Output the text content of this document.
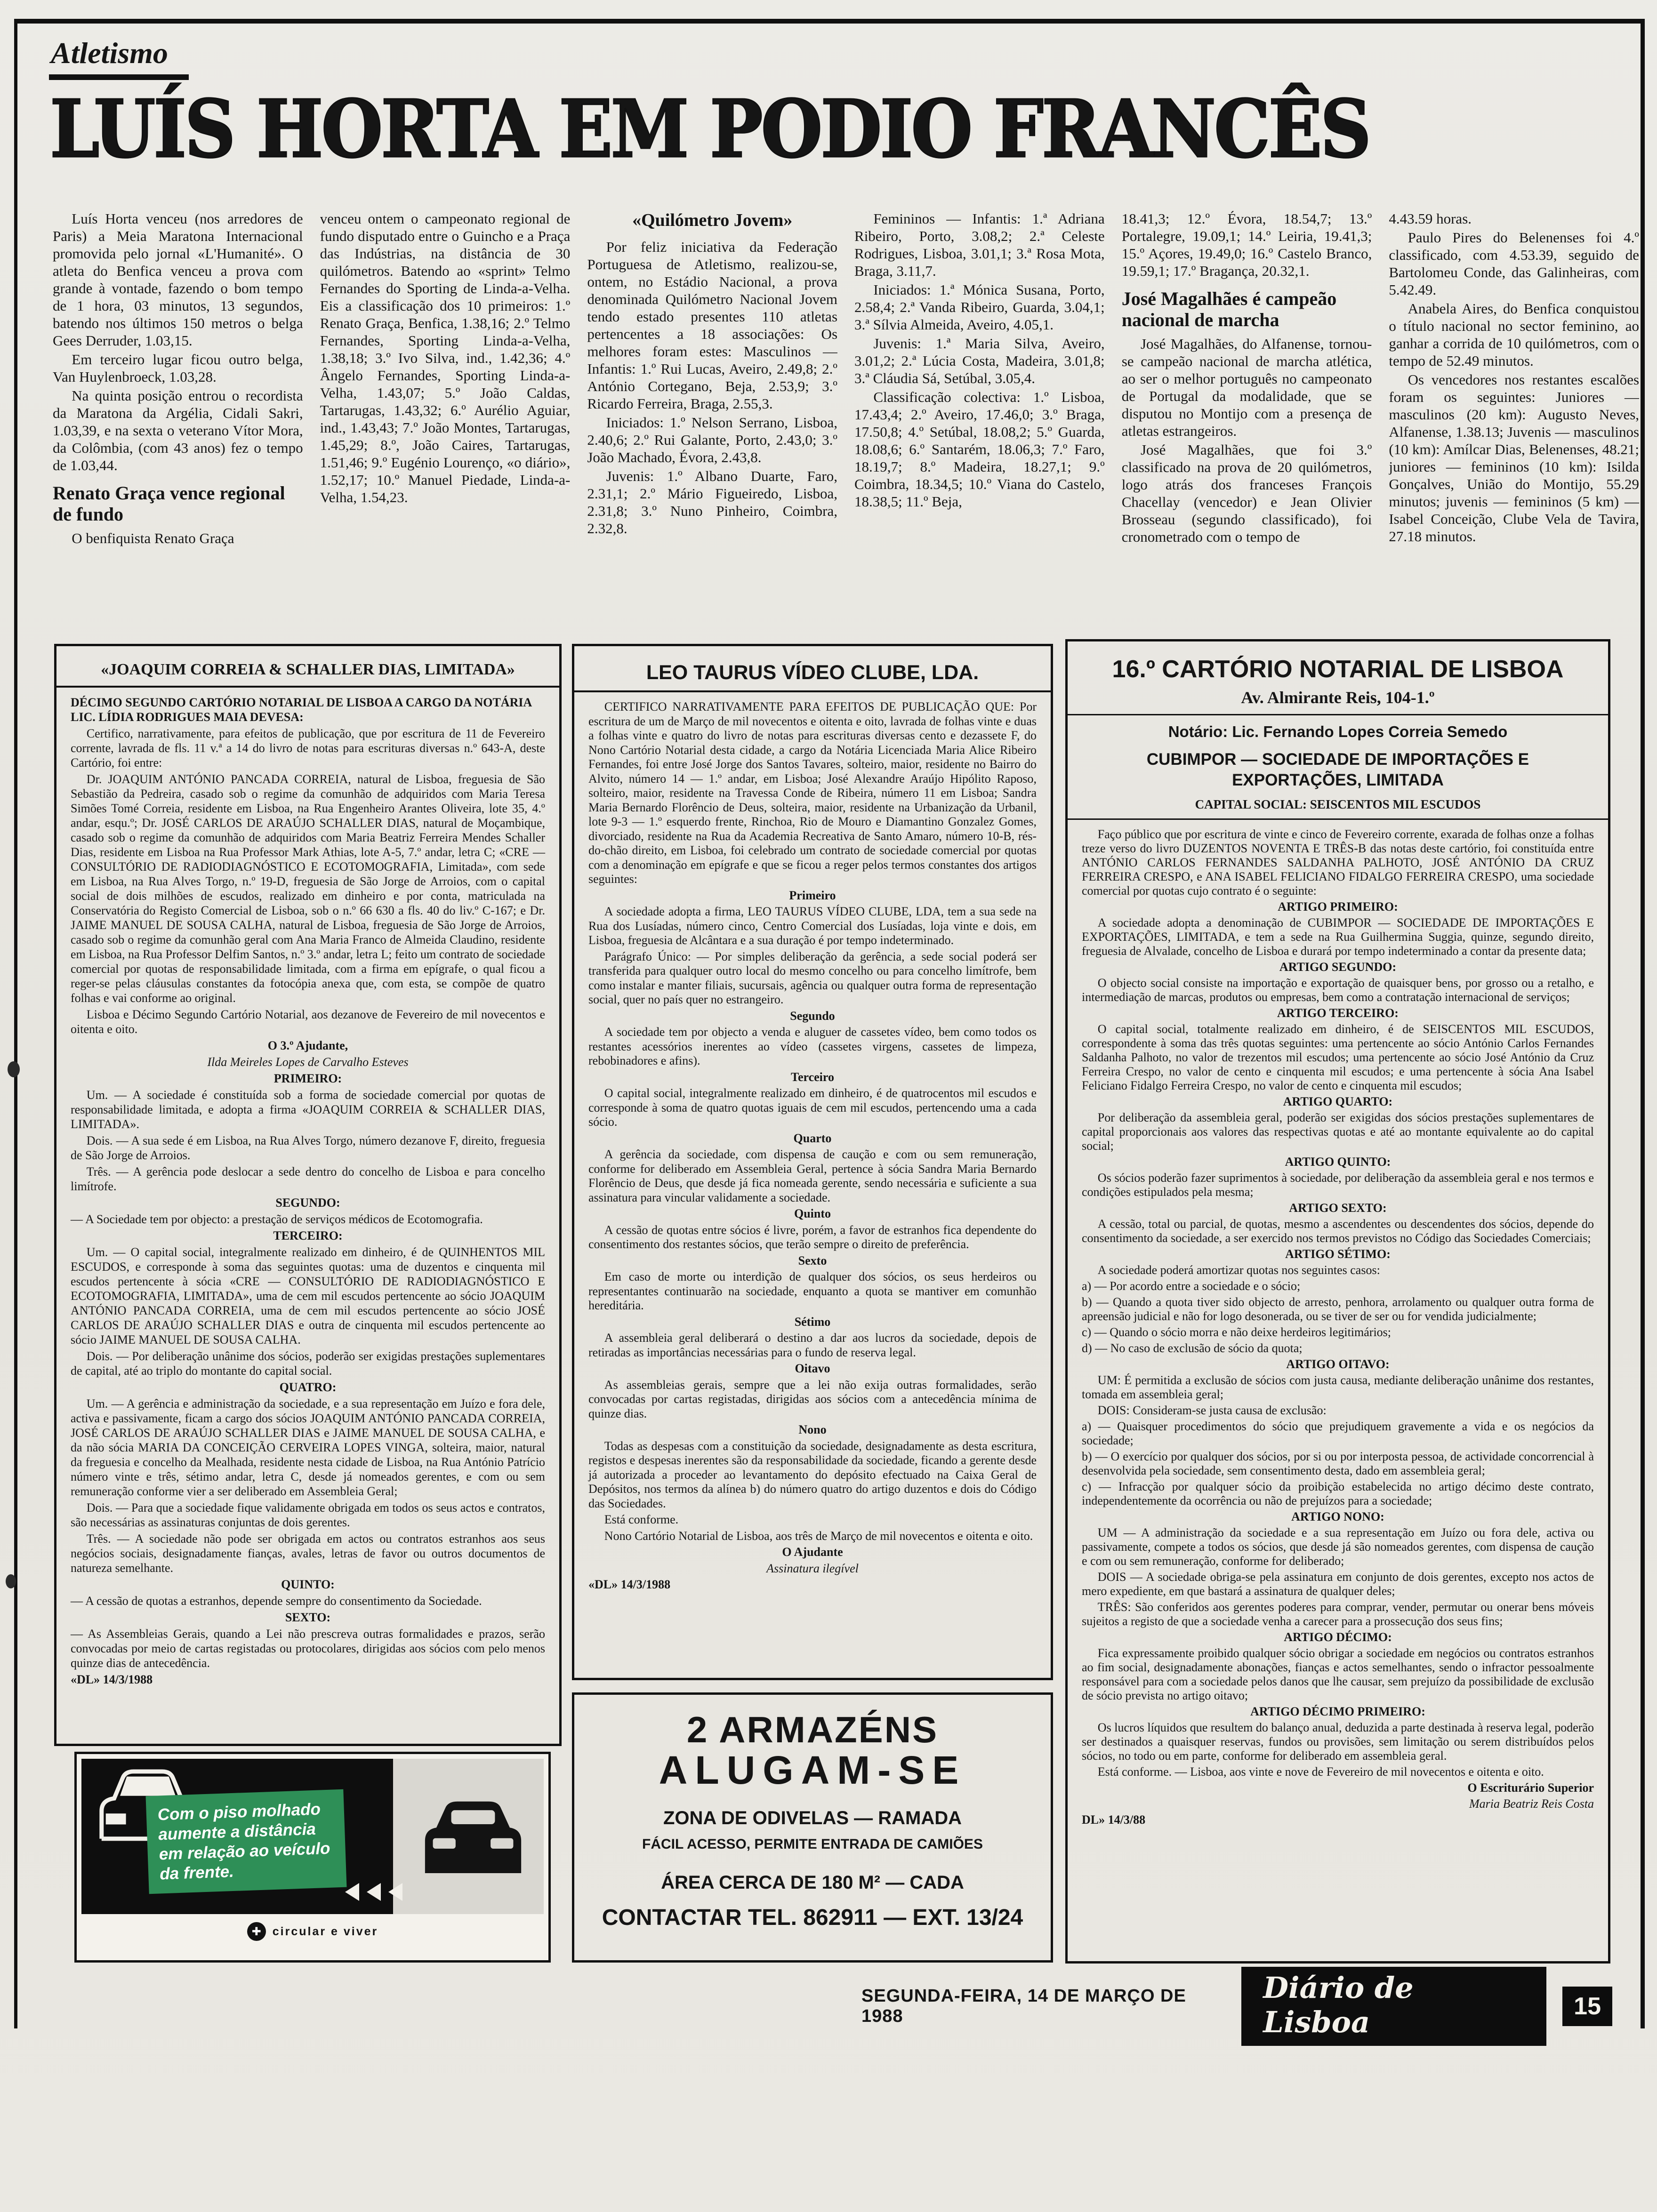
Atletismo
LUÍS HORTA EM PODIO FRANCÊS

Luís Horta venceu (nos arredores de Paris) a Meia Maratona Internacional promovida pelo jornal «L'Humanité». O atleta do Benfica venceu a prova com grande à vontade, fazendo o bom tempo de 1 hora, 03 minutos, 13 segundos, batendo nos últimos 150 metros o belga Gees Derruder, 1.03,15.

Em terceiro lugar ficou outro belga, Van Huylenbroeck, 1.03,28.

Na quinta posição entrou o recordista da Maratona da Argélia, Cidali Sakri, 1.03,39, e na sexta o veterano Vítor Mora, da Colômbia, (com 43 anos) fez o tempo de 1.03,44.

Renato Graça vence regional de fundo

O benfiquista Renato Graça

venceu ontem o campeonato regional de fundo disputado entre o Guincho e a Praça das Indústrias, na distância de 30 quilómetros. Batendo ao «sprint» Telmo Fernandes do Sporting de Linda-a-Velha. Eis a classificação dos 10 primeiros: 1.º Renato Graça, Benfica, 1.38,16; 2.º Telmo Fernandes, Sporting Linda-a-Velha, 1.38,18; 3.º Ivo Silva, ind., 1.42,36; 4.º Ângelo Fernandes, Sporting Linda-a-Velha, 1.43,07; 5.º João Caldas, Tartarugas, 1.43,32; 6.º Aurélio Aguiar, ind., 1.43,43; 7.º João Montes, Tartarugas, 1.45,29; 8.º, João Caires, Tartarugas, 1.51,46; 9.º Eugénio Lourenço, «o diário», 1.52,17; 10.º Manuel Piedade, Linda-a-Velha, 1.54,23.

«Quilómetro Jovem»

Por feliz iniciativa da Federação Portuguesa de Atletismo, realizou-se, ontem, no Estádio Nacional, a prova denominada Quilómetro Nacional Jovem tendo estado presentes 110 atletas pertencentes a 18 associações: Os melhores foram estes: Masculinos — Infantis: 1.º Rui Lucas, Aveiro, 2.49,8; 2.º António Cortegano, Beja, 2.53,9; 3.º Ricardo Ferreira, Braga, 2.55,3.

Iniciados: 1.º Nelson Serrano, Lisboa, 2.40,6; 2.º Rui Galante, Porto, 2.43,0; 3.º João Machado, Évora, 2.43,8.

Juvenis: 1.º Albano Duarte, Faro, 2.31,1; 2.º Mário Figueiredo, Lisboa, 2.31,8; 3.º Nuno Pinheiro, Coimbra, 2.32,8.

Femininos — Infantis: 1.ª Adriana Ribeiro, Porto, 3.08,2; 2.ª Celeste Rodrigues, Lisboa, 3.01,1; 3.ª Rosa Mota, Braga, 3.11,7.

Iniciados: 1.ª Mónica Susana, Porto, 2.58,4; 2.ª Vanda Ribeiro, Guarda, 3.04,1; 3.ª Sílvia Almeida, Aveiro, 4.05,1.

Juvenis: 1.ª Maria Silva, Aveiro, 3.01,2; 2.ª Lúcia Costa, Madeira, 3.01,8; 3.ª Cláudia Sá, Setúbal, 3.05,4.

Classificação colectiva: 1.º Lisboa, 17.43,4; 2.º Aveiro, 17.46,0; 3.º Braga, 17.50,8; 4.º Setúbal, 18.08,2; 5.º Guarda, 18.08,6; 6.º Santarém, 18.06,3; 7.º Faro, 18.19,7; 8.º Madeira, 18.27,1; 9.º Coimbra, 18.34,5; 10.º Viana do Castelo, 18.38,5; 11.º Beja,

18.41,3; 12.º Évora, 18.54,7; 13.º Portalegre, 19.09,1; 14.º Leiria, 19.41,3; 15.º Açores, 19.49,0; 16.º Castelo Branco, 19.59,1; 17.º Bragança, 20.32,1.

José Magalhães é campeão nacional de marcha

José Magalhães, do Alfanense, tornou-se campeão nacional de marcha atlética, ao ser o melhor português no campeonato de Portugal da modalidade, que se disputou no Montijo com a presença de atletas estrangeiros.

José Magalhães, que foi 3.º classificado na prova de 20 quilómetros, logo atrás dos franceses François Chacellay (vencedor) e Jean Olivier Brosseau (segundo classificado), foi cronometrado com o tempo de

4.43.59 horas.

Paulo Pires do Belenenses foi 4.º classificado, com 4.53.39, seguido de Bartolomeu Conde, das Galinheiras, com 5.42.49.

Anabela Aires, do Benfica conquistou o título nacional no sector feminino, ao ganhar a corrida de 10 quilómetros, com o tempo de 52.49 minutos.

Os vencedores nos restantes escalões foram os seguintes: Juniores — masculinos (20 km): Augusto Neves, Alfanense, 1.38.13; Juvenis — masculinos (10 km): Amílcar Dias, Belenenses, 48.21; juniores — femininos (10 km): Isilda Gonçalves, União do Montijo, 55.29 minutos; juvenis — femininos (5 km) — Isabel Conceição, Clube Vela de Tavira, 27.18 minutos.

«JOAQUIM CORREIA & SCHALLER DIAS, LIMITADA»

DÉCIMO SEGUNDO CARTÓRIO NOTARIAL DE LISBOA A CARGO DA NOTÁRIA LIC. LÍDIA RODRIGUES MAIA DEVESA:

Certifico, narrativamente, para efeitos de publicação, que por escritura de 11 de Fevereiro corrente, lavrada de fls. 11 v.ª a 14 do livro de notas para escrituras diversas n.º 643-A, deste Cartório, foi entre:

Dr. JOAQUIM ANTÓNIO PANCADA CORREIA, natural de Lisboa, freguesia de São Sebastião da Pedreira, casado sob o regime da comunhão de adquiridos com Maria Teresa Simões Tomé Correia, residente em Lisboa, na Rua Engenheiro Arantes Oliveira, lote 35, 4.º andar, esqu.º; Dr. JOSÉ CARLOS DE ARAÚJO SCHALLER DIAS, natural de Moçambique, casado sob o regime da comunhão de adquiridos com Maria Beatriz Ferreira Mendes Schaller Dias, residente em Lisboa na Rua Professor Mark Athias, lote A-5, 7.º andar, letra C; «CRE — CONSULTÓRIO DE RADIODIAGNÓSTICO E ECOTOMOGRAFIA, Limitada», com sede em Lisboa, na Rua Alves Torgo, n.º 19-D, freguesia de São Jorge de Arroios, com o capital social de dois milhões de escudos, realizado em dinheiro e por conta, matriculada na Conservatória do Registo Comercial de Lisboa, sob o n.º 66 630 a fls. 40 do liv.º C-167; e Dr. JAIME MANUEL DE SOUSA CALHA, natural de Lisboa, freguesia de São Jorge de Arroios, casado sob o regime da comunhão geral com Ana Maria Franco de Almeida Claudino, residente em Lisboa, na Rua Professor Delfim Santos, n.º 3.º andar, letra L; feito um contrato de sociedade comercial por quotas de responsabilidade limitada, com a firma em epígrafe, o qual ficou a reger-se pelas cláusulas constantes da fotocópia anexa que, com esta, se compõe de quatro folhas e vai conforme ao original.

Lisboa e Décimo Segundo Cartório Notarial, aos dezanove de Fevereiro de mil novecentos e oitenta e oito.

O 3.º Ajudante,

Ilda Meireles Lopes de Carvalho Esteves

PRIMEIRO:

Um. — A sociedade é constituída sob a forma de sociedade comercial por quotas de responsabilidade limitada, e adopta a firma «JOAQUIM CORREIA & SCHALLER DIAS, LIMITADA».

Dois. — A sua sede é em Lisboa, na Rua Alves Torgo, número dezanove F, direito, freguesia de São Jorge de Arroios.

Três. — A gerência pode deslocar a sede dentro do concelho de Lisboa e para concelho limítrofe.

SEGUNDO:

— A Sociedade tem por objecto: a prestação de serviços médicos de Ecotomografia.

TERCEIRO:

Um. — O capital social, integralmente realizado em dinheiro, é de QUINHENTOS MIL ESCUDOS, e corresponde à soma das seguintes quotas: uma de duzentos e cinquenta mil escudos pertencente à sócia «CRE — CONSULTÓRIO DE RADIODIAGNÓSTICO E ECOTOMOGRAFIA, LIMITADA», uma de cem mil escudos pertencente ao sócio JOAQUIM ANTÓNIO PANCADA CORREIA, uma de cem mil escudos pertencente ao sócio JOSÉ CARLOS DE ARAÚJO SCHALLER DIAS e outra de cinquenta mil escudos pertencente ao sócio JAIME MANUEL DE SOUSA CALHA.

Dois. — Por deliberação unânime dos sócios, poderão ser exigidas prestações suplementares de capital, até ao triplo do montante do capital social.

QUATRO:

Um. — A gerência e administração da sociedade, e a sua representação em Juízo e fora dele, activa e passivamente, ficam a cargo dos sócios JOAQUIM ANTÓNIO PANCADA CORREIA, JOSÉ CARLOS DE ARAÚJO SCHALLER DIAS e JAIME MANUEL DE SOUSA CALHA, e da não sócia MARIA DA CONCEIÇÃO CERVEIRA LOPES VINGA, solteira, maior, natural da freguesia e concelho da Mealhada, residente nesta cidade de Lisboa, na Rua António Patrício número vinte e três, sétimo andar, letra C, desde já nomeados gerentes, e com ou sem remuneração conforme vier a ser deliberado em Assembleia Geral;

Dois. — Para que a sociedade fique validamente obrigada em todos os seus actos e contratos, são necessárias as assinaturas conjuntas de dois gerentes.

Três. — A sociedade não pode ser obrigada em actos ou contratos estranhos aos seus negócios sociais, designadamente fianças, avales, letras de favor ou outros documentos de natureza semelhante.

QUINTO:

— A cessão de quotas a estranhos, depende sempre do consentimento da Sociedade.

SEXTO:

— As Assembleias Gerais, quando a Lei não prescreva outras formalidades e prazos, serão convocadas por meio de cartas registadas ou protocolares, dirigidas aos sócios com pelo menos quinze dias de antecedência.

«DL» 14/3/1988

LEO TAURUS VÍDEO CLUBE, LDA.

CERTIFICO NARRATIVAMENTE PARA EFEITOS DE PUBLICAÇÃO QUE: Por escritura de um de Março de mil novecentos e oitenta e oito, lavrada de folhas vinte e duas a folhas vinte e quatro do livro de notas para escrituras diversas cento e dezassete F, do Nono Cartório Notarial desta cidade, a cargo da Notária Licenciada Maria Alice Ribeiro Fernandes, foi entre José Jorge dos Santos Tavares, solteiro, maior, residente no Bairro do Alvito, número 14 — 1.º andar, em Lisboa; José Alexandre Araújo Hipólito Raposo, solteiro, maior, residente na Travessa Conde de Ribeira, número 11 em Lisboa; Sandra Maria Bernardo Florêncio de Deus, solteira, maior, residente na Urbanização da Urbanil, lote 9-3 — 1.º esquerdo frente, Rinchoa, Rio de Mouro e Diamantino Gonzalez Gomes, divorciado, residente na Rua da Academia Recreativa de Santo Amaro, número 10-B, rés-do-chão direito, em Lisboa, foi celebrado um contrato de sociedade comercial por quotas com a denominação em epígrafe e que se ficou a reger pelos termos constantes dos artigos seguintes:

Primeiro

A sociedade adopta a firma, LEO TAURUS VÍDEO CLUBE, LDA, tem a sua sede na Rua dos Lusíadas, número cinco, Centro Comercial dos Lusíadas, loja vinte e dois, em Lisboa, freguesia de Alcântara e a sua duração é por tempo indeterminado.

Parágrafo Único: — Por simples deliberação da gerência, a sede social poderá ser transferida para qualquer outro local do mesmo concelho ou para concelho limítrofe, bem como instalar e manter filiais, sucursais, agência ou qualquer outra forma de representação social, quer no país quer no estrangeiro.

Segundo

A sociedade tem por objecto a venda e aluguer de cassetes vídeo, bem como todos os restantes acessórios inerentes ao vídeo (cassetes virgens, cassetes de limpeza, rebobinadores e afins).

Terceiro

O capital social, integralmente realizado em dinheiro, é de quatrocentos mil escudos e corresponde à soma de quatro quotas iguais de cem mil escudos, pertencendo uma a cada sócio.

Quarto

A gerência da sociedade, com dispensa de caução e com ou sem remuneração, conforme for deliberado em Assembleia Geral, pertence à sócia Sandra Maria Bernardo Florêncio de Deus, que desde já fica nomeada gerente, sendo necessária e suficiente a sua assinatura para vincular validamente a sociedade.

Quinto

A cessão de quotas entre sócios é livre, porém, a favor de estranhos fica dependente do consentimento dos restantes sócios, que terão sempre o direito de preferência.

Sexto

Em caso de morte ou interdição de qualquer dos sócios, os seus herdeiros ou representantes continuarão na sociedade, enquanto a quota se mantiver em comunhão hereditária.

Sétimo

A assembleia geral deliberará o destino a dar aos lucros da sociedade, depois de retiradas as importâncias necessárias para o fundo de reserva legal.

Oitavo

As assembleias gerais, sempre que a lei não exija outras formalidades, serão convocadas por cartas registadas, dirigidas aos sócios com a antecedência mínima de quinze dias.

Nono

Todas as despesas com a constituição da sociedade, designadamente as desta escritura, registos e despesas inerentes são da responsabilidade da sociedade, ficando a gerente desde já autorizada a proceder ao levantamento do depósito efectuado na Caixa Geral de Depósitos, nos termos da alínea b) do número quatro do artigo duzentos e dois do Código das Sociedades.

Está conforme.

Nono Cartório Notarial de Lisboa, aos três de Março de mil novecentos e oitenta e oito.

O Ajudante

Assinatura ilegível

«DL» 14/3/1988

2 ARMAZÉNS
ALUGAM-SE
ZONA DE ODIVELAS — RAMADA
FÁCIL ACESSO, PERMITE ENTRADA DE CAMIÕES
ÁREA CERCA DE 180 M² — CADA
CONTACTAR TEL. 862911 — EXT. 13/24
16.º CARTÓRIO NOTARIAL DE LISBOA
Av. Almirante Reis, 104-1.º
Notário: Lic. Fernando Lopes Correia Semedo
CUBIMPOR — SOCIEDADE DE IMPORTAÇÕES E EXPORTAÇÕES, LIMITADA
CAPITAL SOCIAL: SEISCENTOS MIL ESCUDOS

Faço público que por escritura de vinte e cinco de Fevereiro corrente, exarada de folhas onze a folhas treze verso do livro DUZENTOS NOVENTA E TRÊS-B das notas deste cartório, foi constituída entre ANTÓNIO CARLOS FERNANDES SALDANHA PALHOTO, JOSÉ ANTÓNIO DA CRUZ FERREIRA CRESPO, e ANA ISABEL FELICIANO FIDALGO FERREIRA CRESPO, uma sociedade comercial por quotas cujo contrato é o seguinte:

ARTIGO PRIMEIRO:

A sociedade adopta a denominação de CUBIMPOR — SOCIEDADE DE IMPORTAÇÕES E EXPORTAÇÕES, LIMITADA, e tem a sede na Rua Guilhermina Suggia, quinze, segundo direito, freguesia de Alvalade, concelho de Lisboa e durará por tempo indeterminado a contar da presente data;

ARTIGO SEGUNDO:

O objecto social consiste na importação e exportação de quaisquer bens, por grosso ou a retalho, e intermediação de marcas, produtos ou empresas, bem como a contratação internacional de serviços;

ARTIGO TERCEIRO:

O capital social, totalmente realizado em dinheiro, é de SEISCENTOS MIL ESCUDOS, correspondente à soma das três quotas seguintes: uma pertencente ao sócio António Carlos Fernandes Saldanha Palhoto, no valor de trezentos mil escudos; uma pertencente ao sócio José António da Cruz Ferreira Crespo, no valor de cento e cinquenta mil escudos; e uma pertencente à sócia Ana Isabel Feliciano Fidalgo Ferreira Crespo, no valor de cento e cinquenta mil escudos;

ARTIGO QUARTO:

Por deliberação da assembleia geral, poderão ser exigidas dos sócios prestações suplementares de capital proporcionais aos valores das respectivas quotas e até ao montante equivalente ao do capital social;

ARTIGO QUINTO:

Os sócios poderão fazer suprimentos à sociedade, por deliberação da assembleia geral e nos termos e condições estipulados pela mesma;

ARTIGO SEXTO:

A cessão, total ou parcial, de quotas, mesmo a ascendentes ou descendentes dos sócios, depende do consentimento da sociedade, a ser exercido nos termos previstos no Código das Sociedades Comerciais;

ARTIGO SÉTIMO:

A sociedade poderá amortizar quotas nos seguintes casos:

a) — Por acordo entre a sociedade e o sócio;

b) — Quando a quota tiver sido objecto de arresto, penhora, arrolamento ou qualquer outra forma de apreensão judicial e não for logo desonerada, ou se tiver de ser ou for vendida judicialmente;

c) — Quando o sócio morra e não deixe herdeiros legitimários;

d) — No caso de exclusão de sócio da quota;

ARTIGO OITAVO:

UM: É permitida a exclusão de sócios com justa causa, mediante deliberação unânime dos restantes, tomada em assembleia geral;

DOIS: Consideram-se justa causa de exclusão:

a) — Quaisquer procedimentos do sócio que prejudiquem gravemente a vida e os negócios da sociedade;

b) — O exercício por qualquer dos sócios, por si ou por interposta pessoa, de actividade concorrencial à desenvolvida pela sociedade, sem consentimento desta, dado em assembleia geral;

c) — Infracção por qualquer sócio da proibição estabelecida no artigo décimo deste contrato, independentemente da ocorrência ou não de prejuízos para a sociedade;

ARTIGO NONO:

UM — A administração da sociedade e a sua representação em Juízo ou fora dele, activa ou passivamente, compete a todos os sócios, que desde já são nomeados gerentes, com dispensa de caução e com ou sem remuneração, conforme for deliberado;

DOIS — A sociedade obriga-se pela assinatura em conjunto de dois gerentes, excepto nos actos de mero expediente, em que bastará a assinatura de qualquer deles;

TRÊS: São conferidos aos gerentes poderes para comprar, vender, permutar ou onerar bens móveis sujeitos a registo de que a sociedade venha a carecer para a prossecução dos seus fins;

ARTIGO DÉCIMO:

Fica expressamente proibido qualquer sócio obrigar a sociedade em negócios ou contratos estranhos ao fim social, designadamente abonações, fianças e actos semelhantes, sendo o infractor pessoalmente responsável para com a sociedade pelos danos que lhe causar, sem prejuízo da possibilidade de exclusão de sócio prevista no artigo oitavo;

ARTIGO DÉCIMO PRIMEIRO:

Os lucros líquidos que resultem do balanço anual, deduzida a parte destinada à reserva legal, poderão ser destinados a quaisquer reservas, fundos ou provisões, sem limitação ou serem distribuídos pelos sócios, no todo ou em parte, conforme for deliberado em assembleia geral.

Está conforme. — Lisboa, aos vinte e nove de Fevereiro de mil novecentos e oitenta e oito.

O Escriturário Superior

Maria Beatriz Reis Costa

DL» 14/3/88

Com o piso molhado aumente a distância em relação ao veículo da frente.
✚ circular e viver
SEGUNDA-FEIRA, 14 DE MARÇO DE 1988
Diário de Lisboa	15
